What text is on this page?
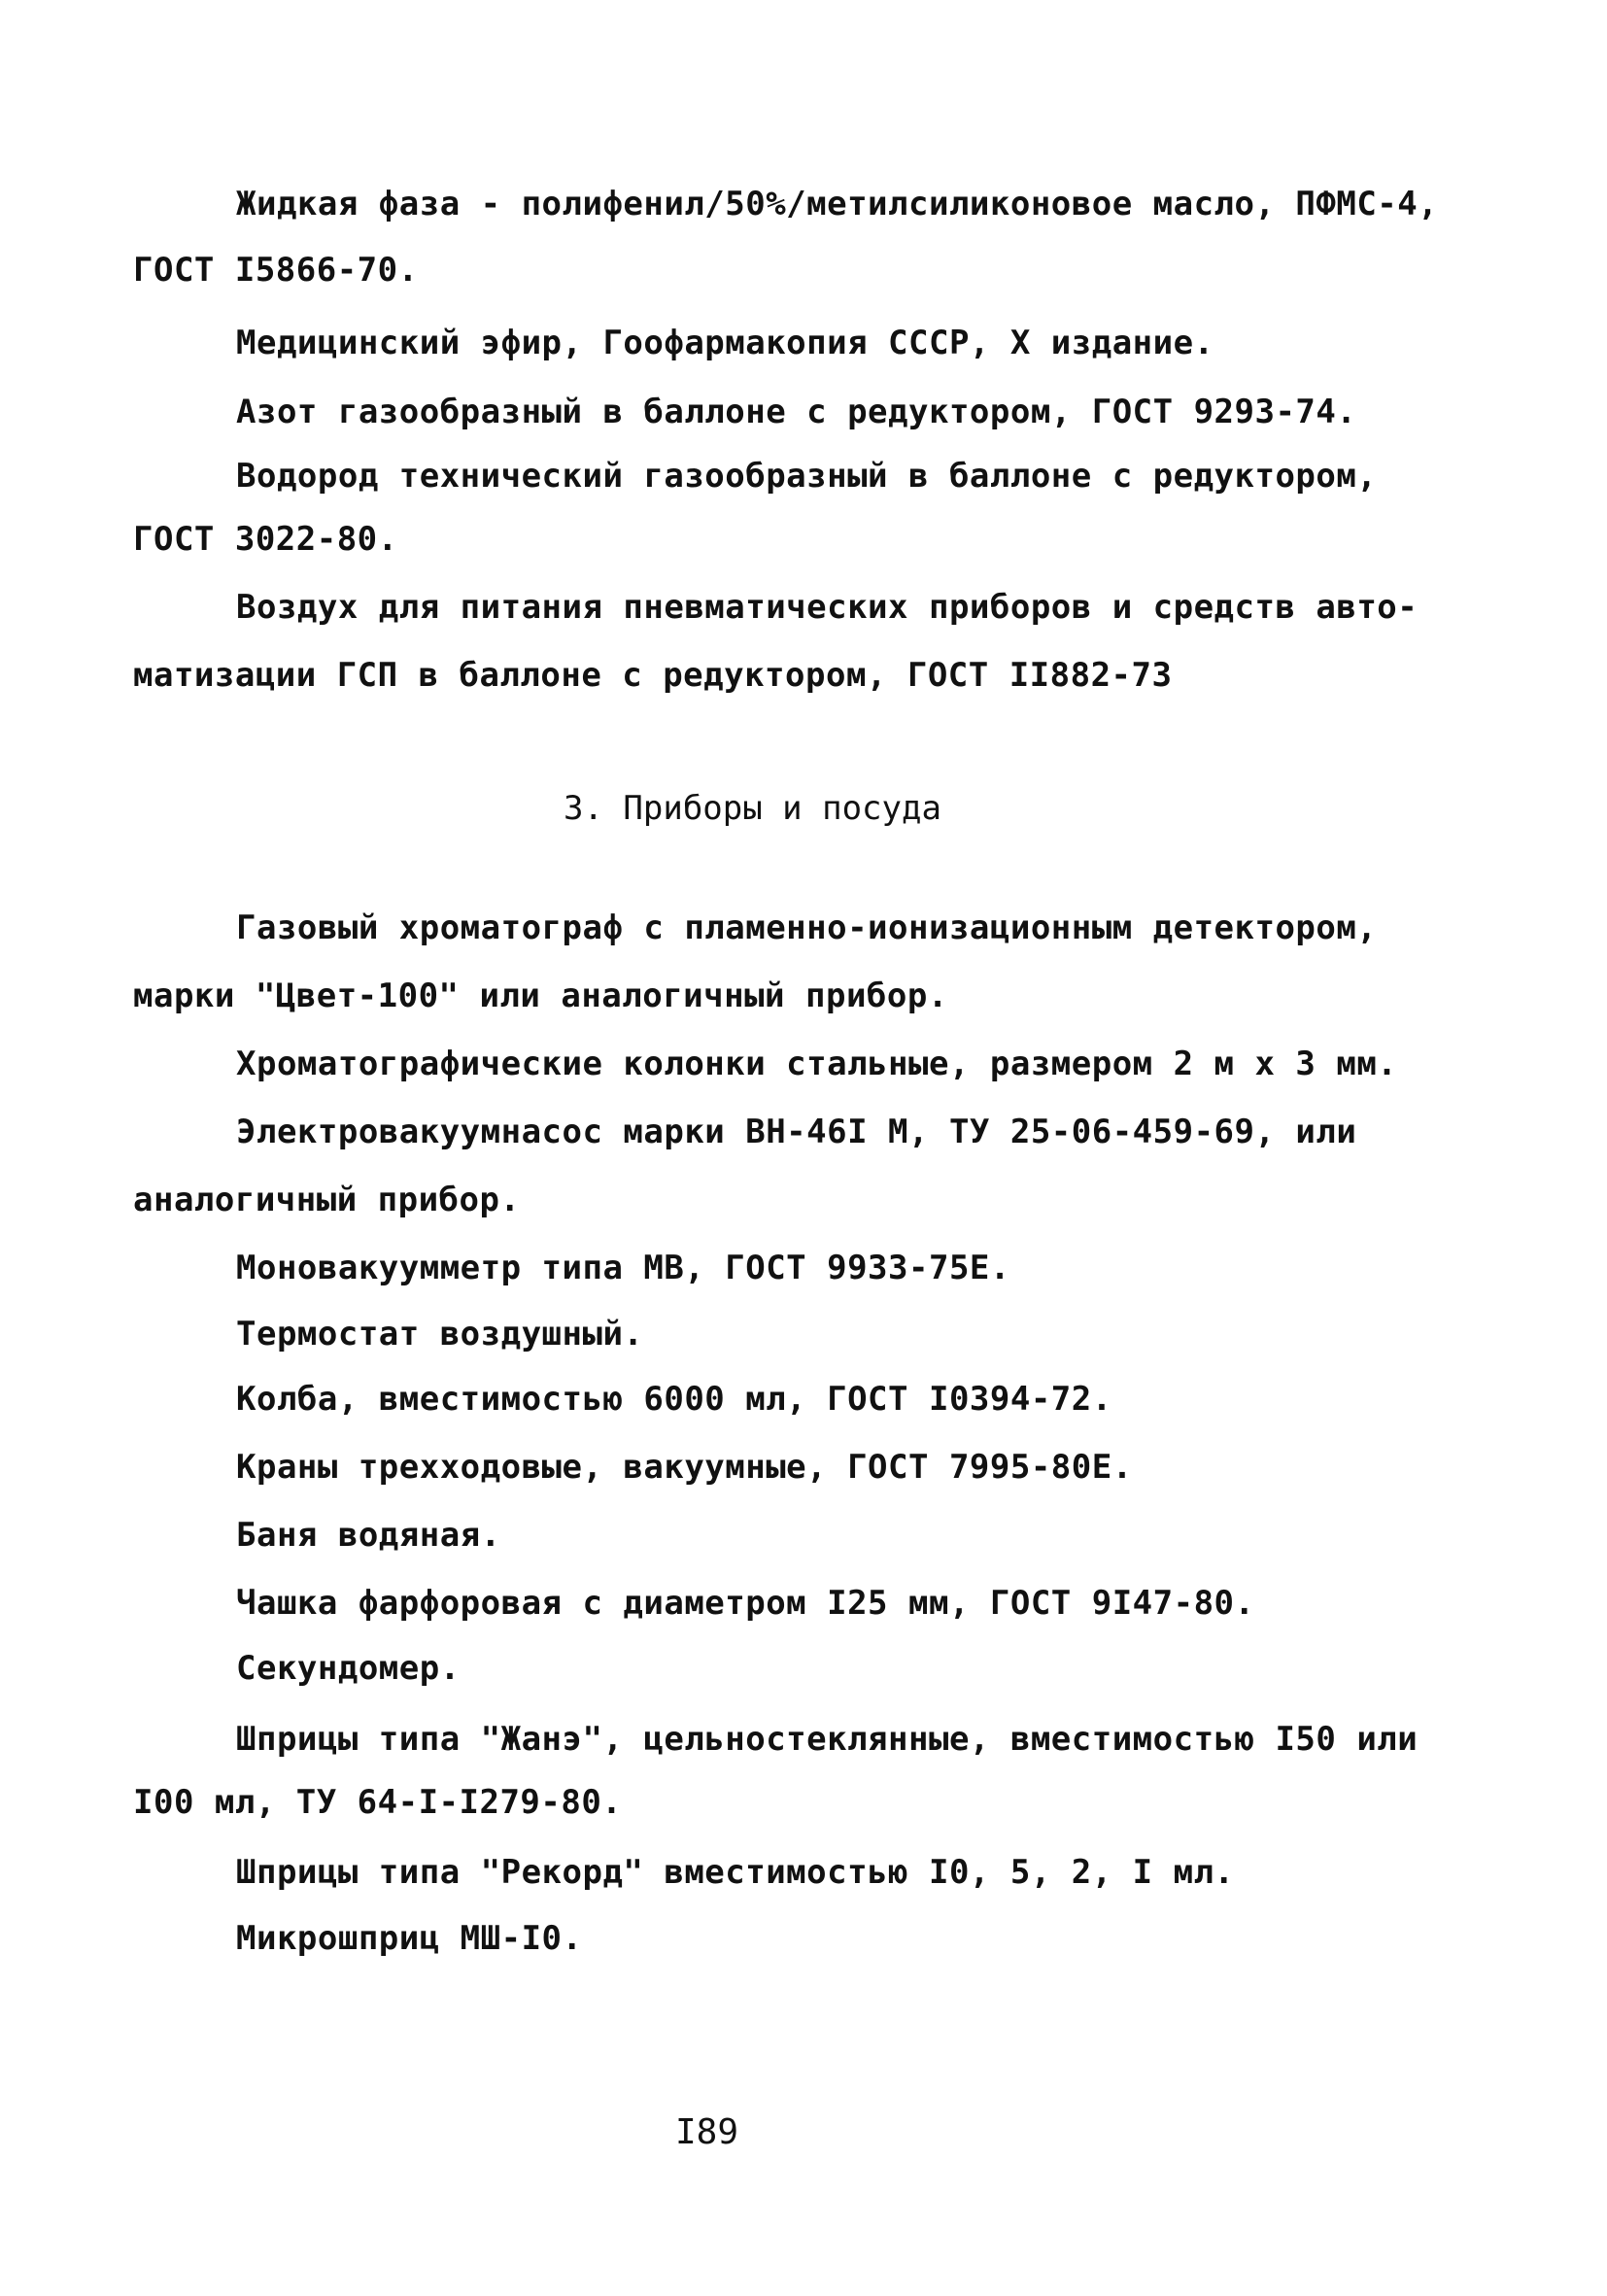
Жидкая фаза - полифенил/50%/метилсиликоновое масло, ПФМС-4,
ГОСТ I5866-70.
Медицинский эфир, Гоофармакопия СССР, Х издание.
Азот газообразный в баллоне с редуктором, ГОСТ 9293-74.
Водород технический газообразный в баллоне с редуктором,
ГОСТ 3022-80.
Воздух для питания пневматических приборов и средств авто-
матизации ГСП в баллоне с редуктором, ГОСТ II882-73
3. Приборы и посуда
Газовый хроматограф с пламенно-ионизационным детектором,
марки "Цвет-100" или аналогичный прибор.
Хроматографические колонки стальные, размером 2 м x 3 мм.
Электровакуумнасос марки ВН-46I М, ТУ 25-06-459-69, или
аналогичный прибор.
Моновакуумметр типа МВ, ГОСТ 9933-75Е.
Термостат воздушный.
Колба, вместимостью 6000 мл, ГОСТ I0394-72.
Краны трехходовые, вакуумные, ГОСТ 7995-80Е.
Баня водяная.
Чашка фарфоровая с диаметром I25 мм, ГОСТ 9I47-80.
Секундомер.
Шприцы типа "Жанэ", цельностеклянные, вместимостью I50 или
I00 мл, ТУ 64-I-I279-80.
Шприцы типа "Рекорд" вместимостью I0, 5, 2, I мл.
Микрошприц МШ-I0.
I89
